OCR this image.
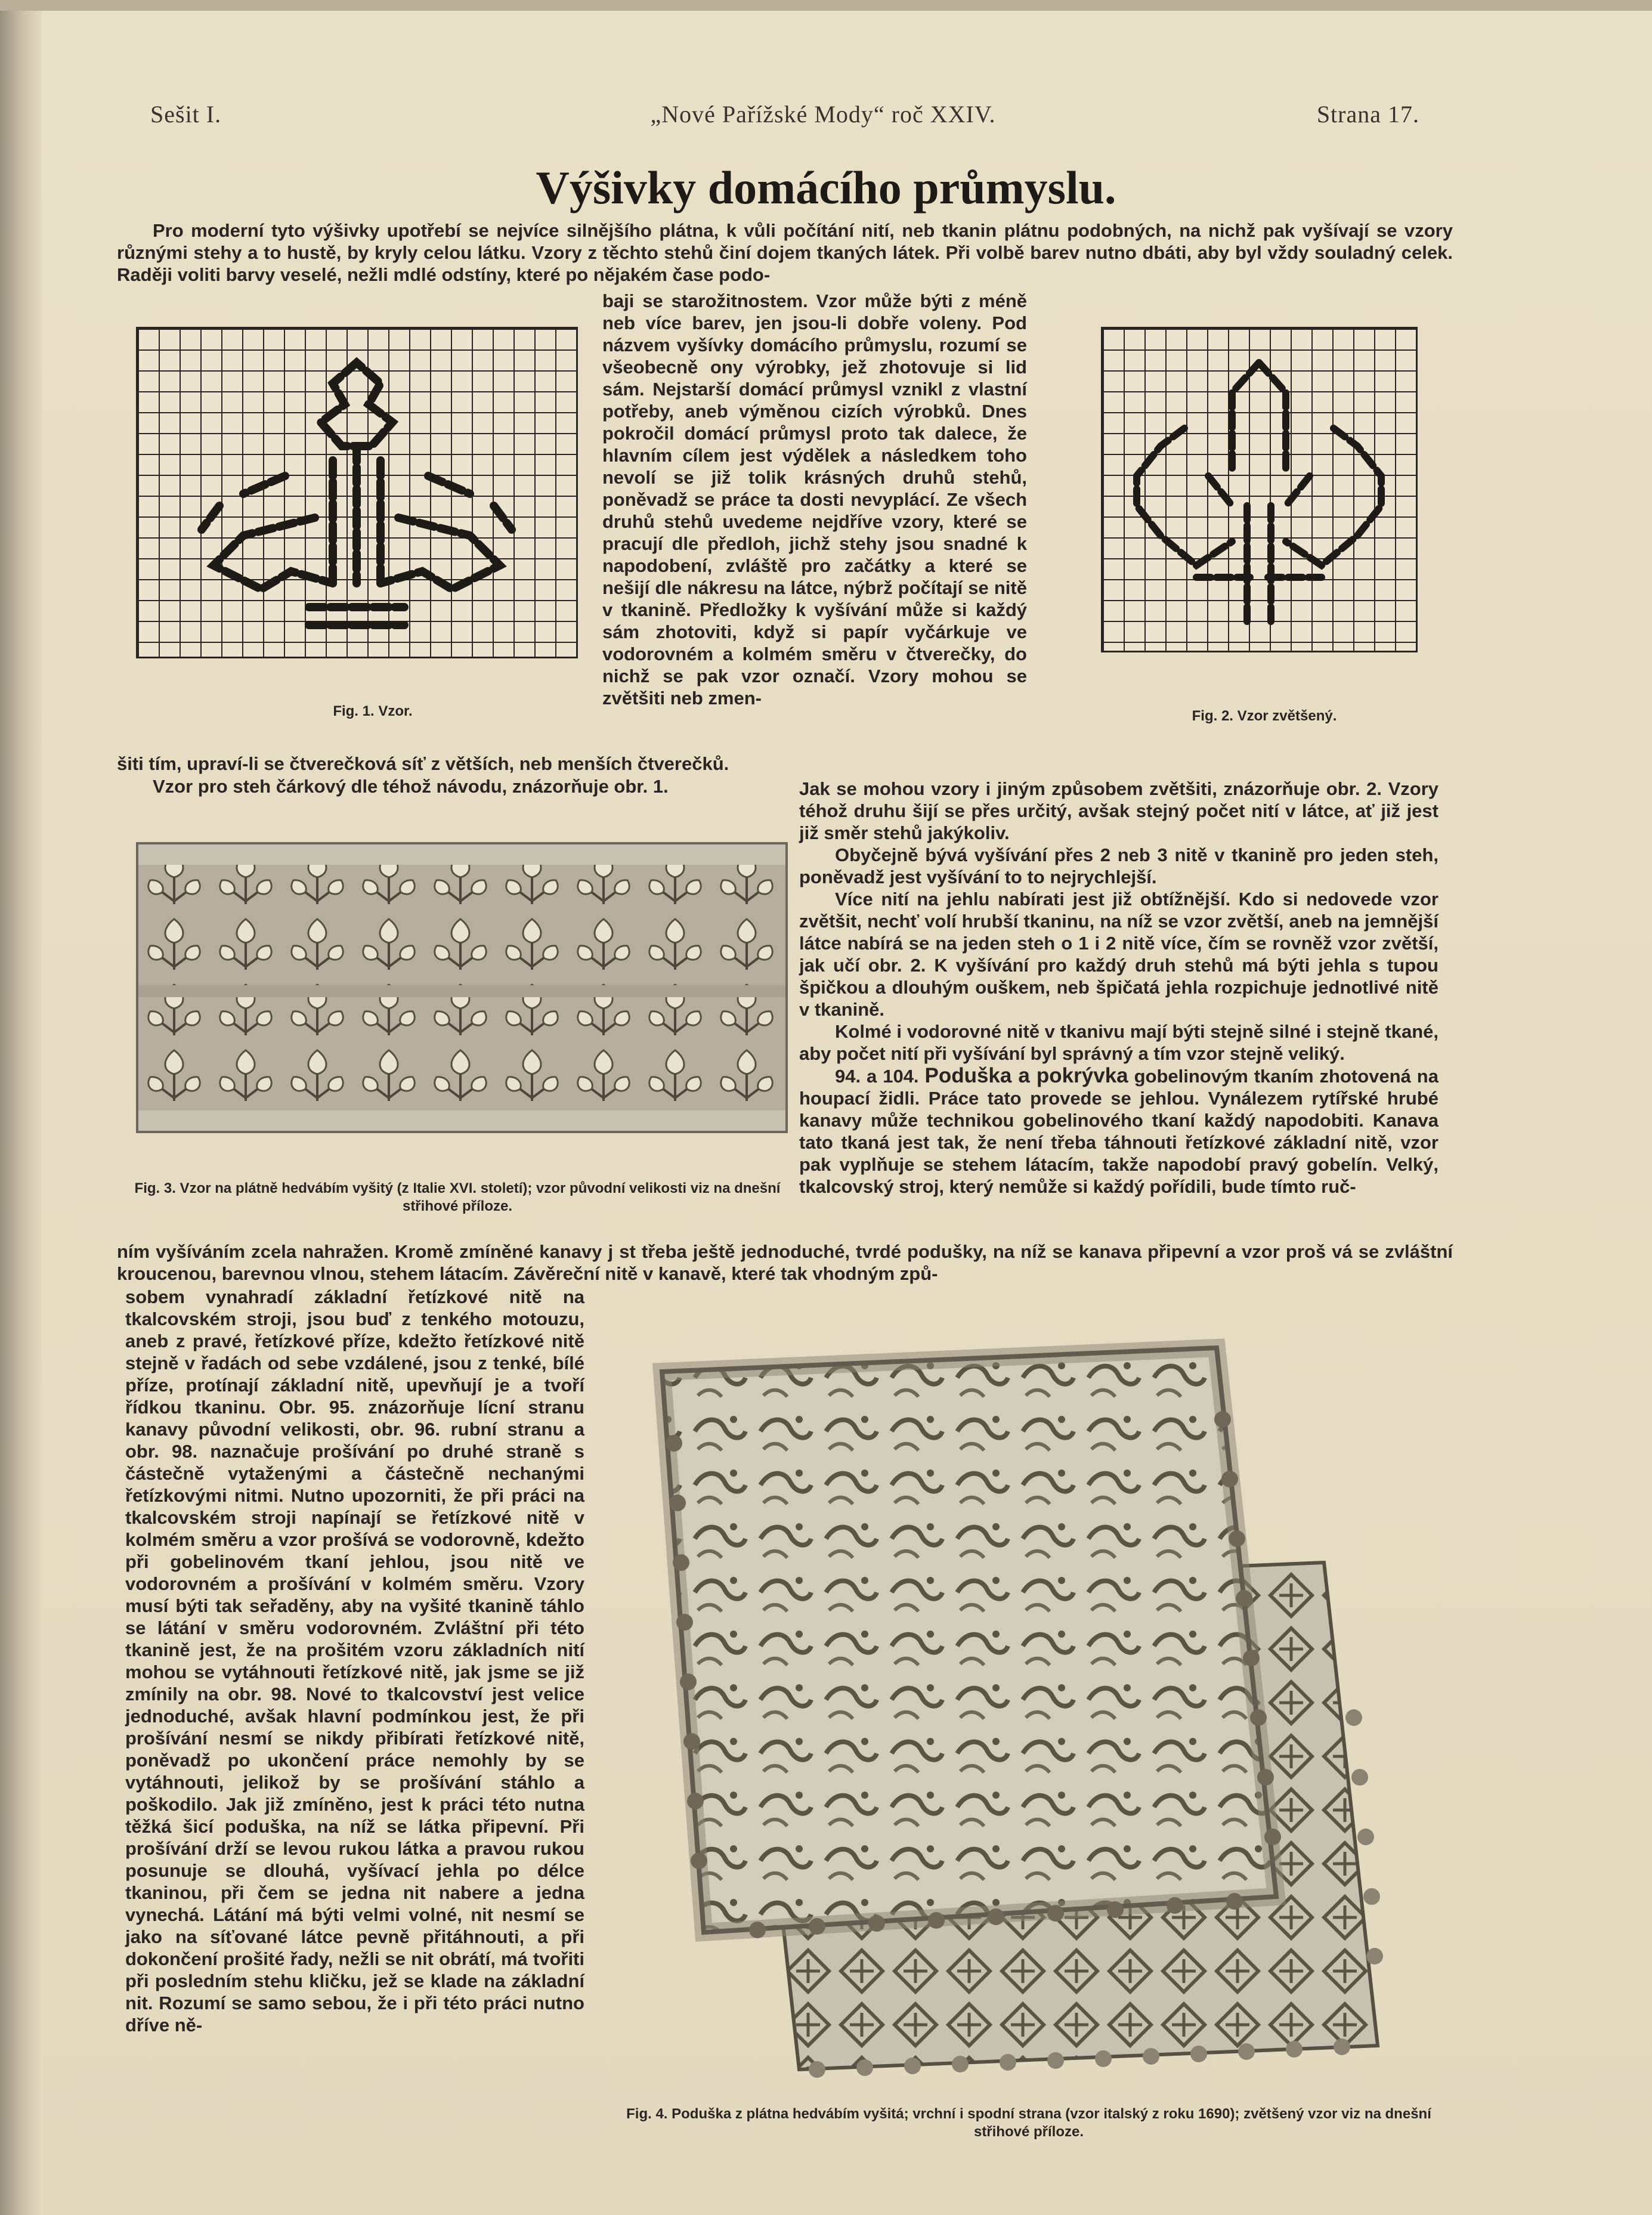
Sešit I.	„Nové Pařížské Mody“ roč XXIV.	Strana 17.
Výšivky domácího průmyslu.

Pro moderní tyto výšivky upotřebí se nejvíce silnějšího plátna, k vůli počítání nití, neb tkanin plátnu podobných, na nichž pak vyšívají se vzory různými stehy a to hustě, by kryly celou látku. Vzory z těchto stehů činí dojem tkaných látek. Při volbě barev nutno dbáti, aby byl vždy souladný celek. Raději voliti barvy veselé, nežli mdlé odstíny, které po nějakém čase podo-

Fig. 1. Vzor.

baji se starožitnostem. Vzor může býti z méně neb více barev, jen jsou-li dobře voleny. Pod názvem vyšívky domácího průmyslu, rozumí se všeobecně ony výrobky, jež zhotovuje si lid sám. Nejstarší domácí průmysl vznikl z vlastní potřeby, aneb výměnou cizích výrobků. Dnes pokročil domácí průmysl proto tak dalece, že hlavním cílem jest výdělek a následkem toho nevolí se již tolik krásných druhů stehů, poněvadž se práce ta dosti nevyplácí. Ze všech druhů stehů uvedeme nejdříve vzory, které se pracují dle předloh, jichž stehy jsou snadné k napodobení, zvláště pro začátky a které se nešijí dle nákresu na látce, nýbrž počítají se nitě v tkanině. Předložky k vyšívání může si každý sám zhotoviti, když si papír vyčárkuje ve vodorovném a kolmém směru v čtverečky, do nichž se pak vzor označí. Vzory mohou se zvětšiti neb zmen-

Fig. 2. Vzor zvětšený.

šiti tím, upraví-li se čtverečková síť z větších, neb menších čtverečků.

Vzor pro steh čárkový dle téhož návodu, znázorňuje obr. 1.

Fig. 3. Vzor na plátně hedvábím vyšitý (z Italie XVI. století); vzor původní velikosti viz na dnešní střihové příloze.

Jak se mohou vzory i jiným způsobem zvětšiti, znázorňuje obr. 2. Vzory téhož druhu šijí se přes určitý, avšak stejný počet nití v látce, ať již jest již směr stehů jakýkoliv.

Obyčejně bývá vyšívání přes 2 neb 3 nitě v tkanině pro jeden steh, poněvadž jest vyšívání to to nejrychlejší.

Více nití na jehlu nabírati jest již obtížnější. Kdo si nedovede vzor zvětšit, nechť volí hrubší tkaninu, na níž se vzor zvětší, aneb na jemnější látce nabírá se na jeden steh o 1 i 2 nitě více, čím se rovněž vzor zvětší, jak učí obr. 2. K vyšívání pro každý druh stehů má býti jehla s tupou špičkou a dlouhým ouškem, neb špičatá jehla rozpichuje jednotlivé nitě v tkanině.

Kolmé i vodorovné nitě v tkanivu mají býti stejně silné i stejně tkané, aby počet nití při vyšívání byl správný a tím vzor stejně veliký.

94. a 104. Poduška a pokrývka gobelinovým tkaním zhotovená na houpací židli. Práce tato provede se jehlou. Vynálezem rytířské hrubé kanavy může technikou gobelinového tkaní každý napodobiti. Kanava tato tkaná jest tak, že není třeba táhnouti řetízkové základní nitě, vzor pak vyplňuje se stehem látacím, takže napodobí pravý gobelín. Velký, tkalcovský stroj, který nemůže si každý pořídili, bude tímto ruč-

ním vyšíváním zcela nahražen. Kromě zmíněné kanavy j st třeba ještě jednoduché, tvrdé podušky, na níž se kanava připevní a vzor proš vá se zvláštní kroucenou, barevnou vlnou, stehem látacím. Závěreční nitě v kanavě, které tak vhodným způ-

sobem vynahradí základní řetízkové nitě na tkalcovském stroji, jsou buď z tenkého motouzu, aneb z pravé, řetízkové příze, kdežto řetízkové nitě stejně v řadách od sebe vzdálené, jsou z tenké, bílé příze, protínají základní nitě, upevňují je a tvoří řídkou tkaninu. Obr. 95. znázorňuje lícní stranu kanavy původní velikosti, obr. 96. rubní stranu a obr. 98. naznačuje prošívání po druhé straně s částečně vytaženými a částečně nechanými řetízkovými nitmi. Nutno upozorniti, že při práci na tkalcovském stroji napínají se řetízkové nitě v kolmém směru a vzor prošívá se vodorovně, kdežto při gobelinovém tkaní jehlou, jsou nitě ve vodorovném a prošívání v kolmém směru. Vzory musí býti tak seřaděny, aby na vyšité tkanině táhlo se látání v směru vodorovném. Zvláštní při této tkanině jest, že na prošitém vzoru základních nití mohou se vytáhnouti řetízkové nitě, jak jsme se již zmínily na obr. 98. Nové to tkalcovství jest velice jednoduché, avšak hlavní podmínkou jest, že při prošívání nesmí se nikdy přibírati řetízkové nitě, poněvadž po ukončení práce nemohly by se vytáhnouti, jelikož by se prošívání stáhlo a poškodilo. Jak již zmíněno, jest k práci této nutna těžká šicí poduška, na níž se látka připevní. Při prošívání drží se levou rukou látka a pravou rukou posunuje se dlouhá, vyšívací jehla po délce tkaninou, při čem se jedna nit nabere a jedna vynechá. Látání má býti velmi volné, nit nesmí se jako na síťované látce pevně přitáhnouti, a při dokončení prošité řady, nežli se nit obrátí, má tvořiti při posledním stehu kličku, jež se klade na základní nit. Rozumí se samo sebou, že i při této práci nutno dříve ně-

Fig. 4. Poduška z plátna hedvábím vyšitá; vrchní i spodní strana (vzor italský z roku 1690); zvětšený vzor viz na dnešní střihové příloze.
